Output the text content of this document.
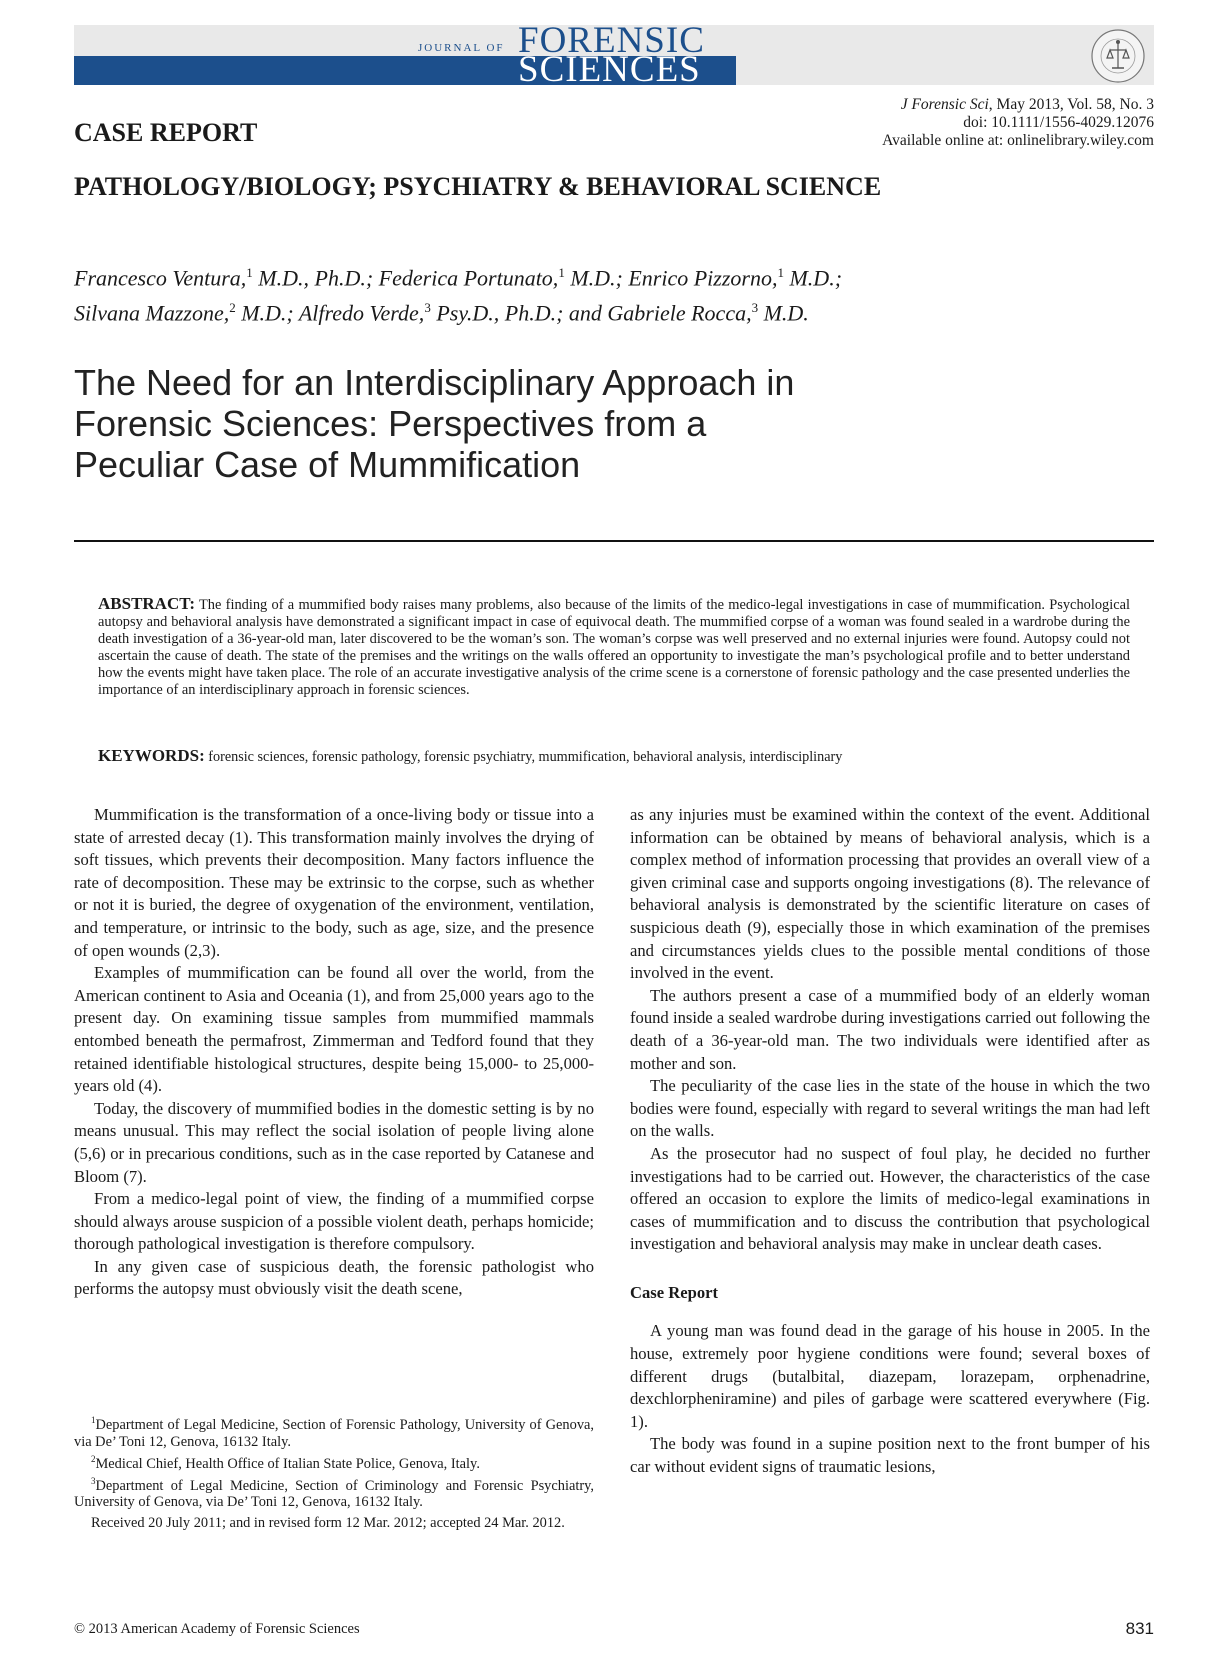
JOURNAL OF FORENSIC
SCIENCES
J Forensic Sci, May 2013, Vol. 58, No. 3
doi: 10.1111/1556-4029.12076
Available online at: onlinelibrary.wiley.com
CASE REPORT
PATHOLOGY/BIOLOGY; PSYCHIATRY & BEHAVIORAL SCIENCE
Francesco Ventura,$^1$ M.D., Ph.D.; Federica Portunato,$^1$ M.D.; Enrico Pizzorno,$^1$ M.D.;
Silvana Mazzone,$^2$ M.D.; Alfredo Verde,$^3$ Psy.D., Ph.D.; and Gabriele Rocca,$^3$ M.D.
The Need for an Interdisciplinary Approach in
Forensic Sciences: Perspectives from a
Peculiar Case of Mummification
ABSTRACT: The finding of a mummified body raises many problems, also because of the limits of the medico-legal investigations in case of mummification. Psychological autopsy and behavioral analysis have demonstrated a significant impact in case of equivocal death. The mummified corpse of a woman was found sealed in a wardrobe during the death investigation of a 36-year-old man, later discovered to be the woman’s son. The woman’s corpse was well preserved and no external injuries were found. Autopsy could not ascertain the cause of death. The state of the premises and the writings on the walls offered an opportunity to investigate the man’s psychological profile and to better understand how the events might have taken place. The role of an accurate investigative analysis of the crime scene is a cornerstone of forensic pathology and the case presented underlies the importance of an interdisciplinary approach in forensic sciences.
KEYWORDS: forensic sciences, forensic pathology, forensic psychiatry, mummification, behavioral analysis, interdisciplinary

Mummification is the transformation of a once-living body or tissue into a state of arrested decay (1). This transformation mainly involves the drying of soft tissues, which prevents their decomposition. Many factors influence the rate of decomposition. These may be extrinsic to the corpse, such as whether or not it is buried, the degree of oxygenation of the environment, ventilation, and temperature, or intrinsic to the body, such as age, size, and the presence of open wounds (2,3).

Examples of mummification can be found all over the world, from the American continent to Asia and Oceania (1), and from 25,000 years ago to the present day. On examining tissue samples from mummified mammals entombed beneath the permafrost, Zimmerman and Tedford found that they retained identifiable histological structures, despite being 15,000- to 25,000-years old (4).

Today, the discovery of mummified bodies in the domestic setting is by no means unusual. This may reflect the social isolation of people living alone (5,6) or in precarious conditions, such as in the case reported by Catanese and Bloom (7).

From a medico-legal point of view, the finding of a mummified corpse should always arouse suspicion of a possible violent death, perhaps homicide; thorough pathological investigation is therefore compulsory.

In any given case of suspicious death, the forensic pathologist who performs the autopsy must obviously visit the death scene,

as any injuries must be examined within the context of the event. Additional information can be obtained by means of behavioral analysis, which is a complex method of information processing that provides an overall view of a given criminal case and supports ongoing investigations (8). The relevance of behavioral analysis is demonstrated by the scientific literature on cases of suspicious death (9), especially those in which examination of the premises and circumstances yields clues to the possible mental conditions of those involved in the event.

The authors present a case of a mummified body of an elderly woman found inside a sealed wardrobe during investigations carried out following the death of a 36-year-old man. The two individuals were identified after as mother and son.

The peculiarity of the case lies in the state of the house in which the two bodies were found, especially with regard to several writings the man had left on the walls.

As the prosecutor had no suspect of foul play, he decided no further investigations had to be carried out. However, the characteristics of the case offered an occasion to explore the limits of medico-legal examinations in cases of mummification and to discuss the contribution that psychological investigation and behavioral analysis may make in unclear death cases.

Case Report

A young man was found dead in the garage of his house in 2005. In the house, extremely poor hygiene conditions were found; several boxes of different drugs (butalbital, diazepam, lorazepam, orphenadrine, dexchlorpheniramine) and piles of garbage were scattered everywhere (Fig. 1).

The body was found in a supine position next to the front bumper of his car without evident signs of traumatic lesions,

$^1$Department of Legal Medicine, Section of Forensic Pathology, University of Genova, via De’ Toni 12, Genova, 16132 Italy.

$^2$Medical Chief, Health Office of Italian State Police, Genova, Italy.

$^3$Department of Legal Medicine, Section of Criminology and Forensic Psychiatry, University of Genova, via De’ Toni 12, Genova, 16132 Italy.

Received 20 July 2011; and in revised form 12 Mar. 2012; accepted 24 Mar. 2012.

© 2013 American Academy of Forensic Sciences	831
